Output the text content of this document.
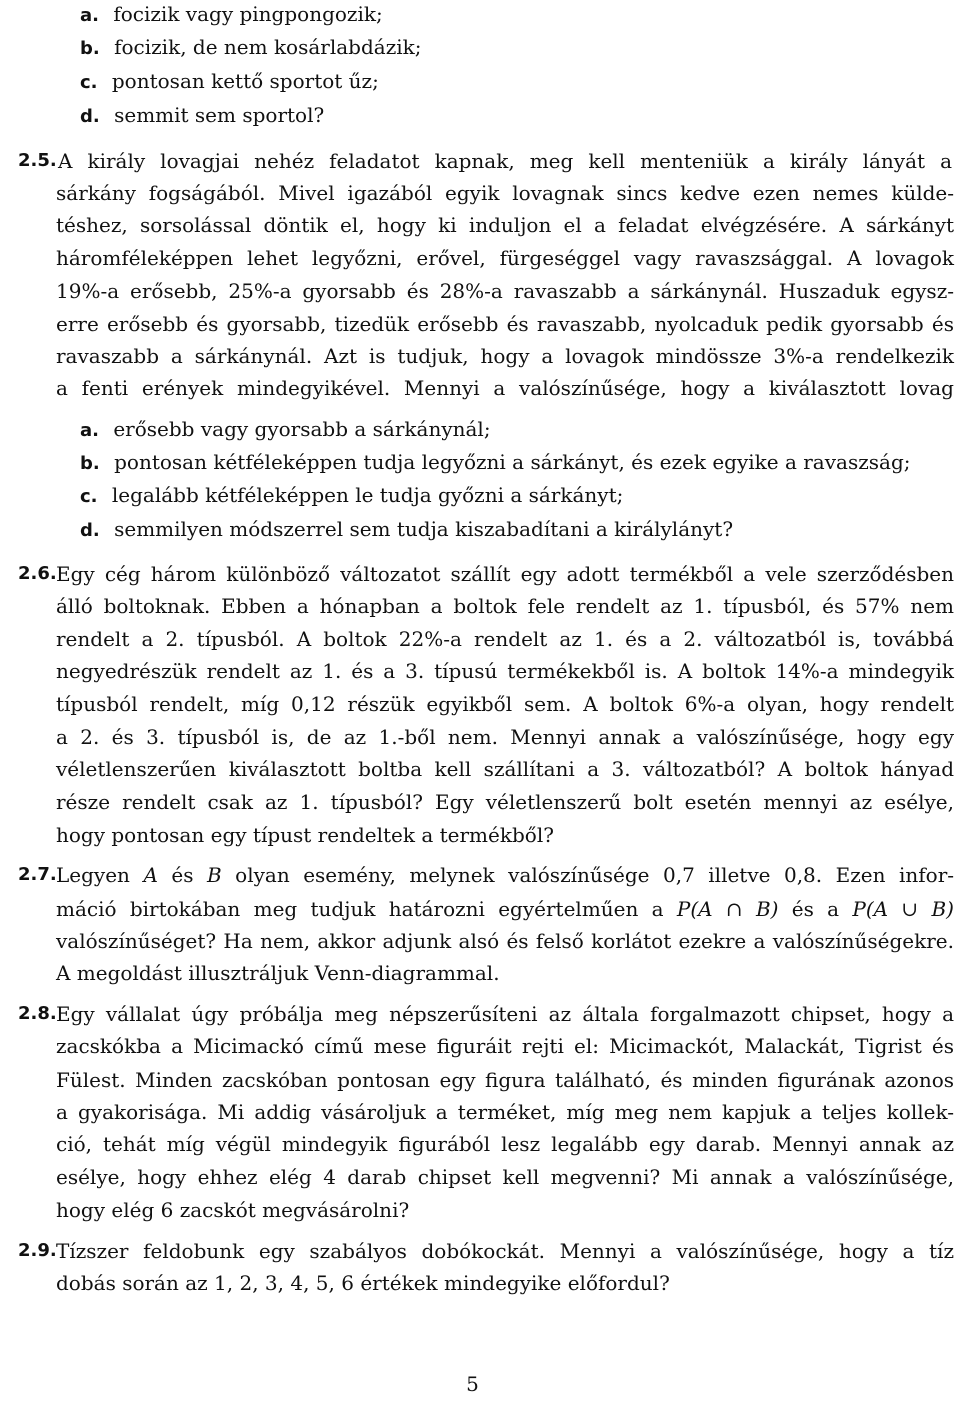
a. focizik vagy pingpongozik;
b. focizik, de nem kosárlabdázik;
c. pontosan kettő sportot űz;
d. semmit sem sportol?
2.5. A király lovagjai nehéz feladatot kapnak, meg kell menteniük a király lányát a
sárkány fogságából. Mivel igazából egyik lovagnak sincs kedve ezen nemes külde-
téshez, sorsolással döntik el, hogy ki induljon el a feladat elvégzésére. A sárkányt
háromféleképpen lehet legyőzni, erővel, fürgeséggel vagy ravaszsággal. A lovagok
19%-a erősebb, 25%-a gyorsabb és 28%-a ravaszabb a sárkánynál. Huszaduk egysz-
erre erősebb és gyorsabb, tizedük erősebb és ravaszabb, nyolcaduk pedik gyorsabb és
ravaszabb a sárkánynál. Azt is tudjuk, hogy a lovagok mindössze 3%-a rendelkezik
a fenti erények mindegyikével. Mennyi a valószínűsége, hogy a kiválasztott lovag
a. erősebb vagy gyorsabb a sárkánynál;
b. pontosan kétféleképpen tudja legyőzni a sárkányt, és ezek egyike a ravaszság;
c. legalább kétféleképpen le tudja győzni a sárkányt;
d. semmilyen módszerrel sem tudja kiszabadítani a királylányt?
2.6. Egy cég három különböző változatot szállít egy adott termékből a vele szerződésben
álló boltoknak. Ebben a hónapban a boltok fele rendelt az 1. típusból, és 57% nem
rendelt a 2. típusból. A boltok 22%-a rendelt az 1. és a 2. változatból is, továbbá
negyedrészük rendelt az 1. és a 3. típusú termékekből is. A boltok 14%-a mindegyik
típusból rendelt, míg 0,12 részük egyikből sem. A boltok 6%-a olyan, hogy rendelt
a 2. és 3. típusból is, de az 1.-ből nem. Mennyi annak a valószínűsége, hogy egy
véletlenszerűen kiválasztott boltba kell szállítani a 3. változatból? A boltok hányad
része rendelt csak az 1. típusból? Egy véletlenszerű bolt esetén mennyi az esélye,
hogy pontosan egy típust rendeltek a termékből?
2.7. Legyen A és B olyan esemény, melynek valószínűsége 0,7 illetve 0,8. Ezen infor-
máció birtokában meg tudjuk határozni egyértelműen a P(A ∩ B) és a P(A ∪ B)
valószínűséget? Ha nem, akkor adjunk alsó és felső korlátot ezekre a valószínűségekre.
A megoldást illusztráljuk Venn-diagrammal.
2.8. Egy vállalat úgy próbálja meg népszerűsíteni az általa forgalmazott chipset, hogy a
zacskókba a Micimackó című mese figuráit rejti el: Micimackót, Malackát, Tigrist és
Fülest. Minden zacskóban pontosan egy figura található, és minden figurának azonos
a gyakorisága. Mi addig vásároljuk a terméket, míg meg nem kapjuk a teljes kollek-
ció, tehát míg végül mindegyik figurából lesz legalább egy darab. Mennyi annak az
esélye, hogy ehhez elég 4 darab chipset kell megvenni? Mi annak a valószínűsége,
hogy elég 6 zacskót megvásárolni?
2.9. Tízszer feldobunk egy szabályos dobókockát. Mennyi a valószínűsége, hogy a tíz
dobás során az 1, 2, 3, 4, 5, 6 értékek mindegyike előfordul?
5
